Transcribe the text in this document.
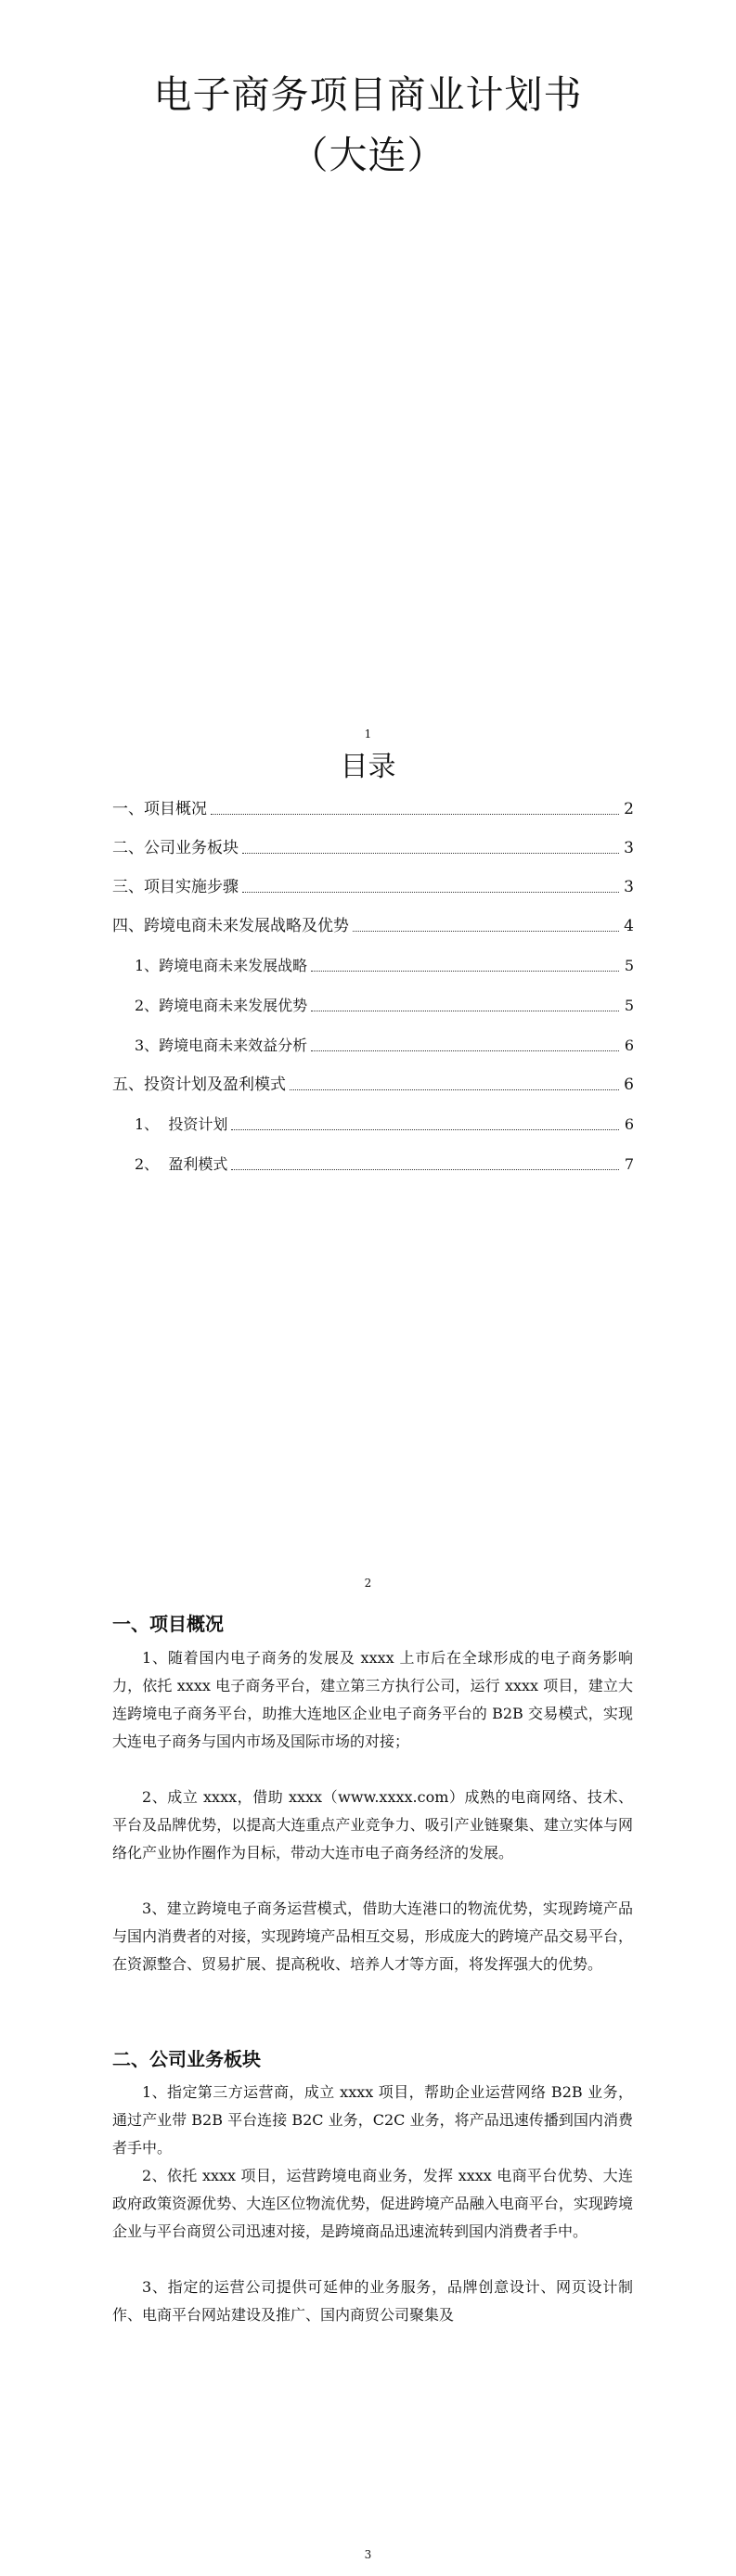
电子商务项目商业计划书
（大连）
1
目录
一、项目概况	2
二、公司业务板块	3
三、项目实施步骤	3
四、跨境电商未来发展战略及优势	4
1、跨境电商未来发展战略	5
2、跨境电商未来发展优势	5
3、跨境电商未来效益分析	6
五、投资计划及盈利模式	6
1、  投资计划	6
2、  盈利模式	7
2
一、项目概况

1、随着国内电子商务的发展及 xxxx 上市后在全球形成的电子商务影响力，依托 xxxx 电子商务平台，建立第三方执行公司，运行 xxxx 项目，建立大连跨境电子商务平台，助推大连地区企业电子商务平台的 B2B 交易模式，实现大连电子商务与国内市场及国际市场的对接；

2、成立 xxxx，借助 xxxx（www.xxxx.com）成熟的电商网络、技术、平台及品牌优势，以提高大连重点产业竞争力、吸引产业链聚集、建立实体与网络化产业协作圈作为目标，带动大连市电子商务经济的发展。

3、建立跨境电子商务运营模式，借助大连港口的物流优势，实现跨境产品与国内消费者的对接，实现跨境产品相互交易，形成庞大的跨境产品交易平台，在资源整合、贸易扩展、提高税收、培养人才等方面，将发挥强大的优势。

二、公司业务板块

1、指定第三方运营商，成立 xxxx 项目，帮助企业运营网络 B2B 业务，通过产业带 B2B 平台连接 B2C 业务，C2C 业务，将产品迅速传播到国内消费者手中。

2、依托 xxxx 项目，运营跨境电商业务，发挥 xxxx 电商平台优势、大连政府政策资源优势、大连区位物流优势，促进跨境产品融入电商平台，实现跨境企业与平台商贸公司迅速对接，是跨境商品迅速流转到国内消费者手中。

3、指定的运营公司提供可延伸的业务服务，品牌创意设计、网页设计制作、电商平台网站建设及推广、国内商贸公司聚集及

3
